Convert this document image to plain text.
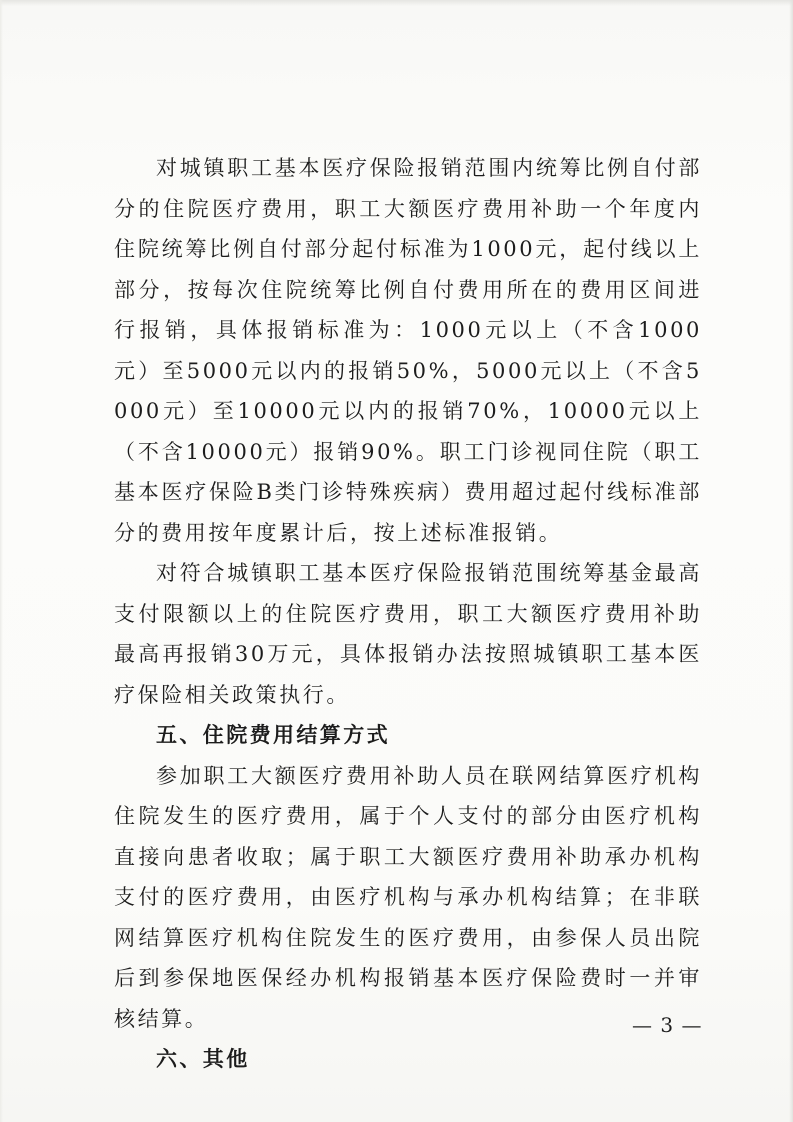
对城镇职工基本医疗保险报销范围内统筹比例自付部分的住院医疗费用，职工大额医疗费用补助一个年度内住院统筹比例自付部分起付标准为1000元，起付线以上部分，按每次住院统筹比例自付费用所在的费用区间进行报销，具体报销标准为：1000元以上（不含1000元）至5000元以内的报销50%，5000元以上（不含5000元）至10000元以内的报销70%，10000元以上（不含10000元）报销90%。职工门诊视同住院（职工基本医疗保险B类门诊特殊疾病）费用超过起付线标准部分的费用按年度累计后，按上述标准报销。

对符合城镇职工基本医疗保险报销范围统筹基金最高支付限额以上的住院医疗费用，职工大额医疗费用补助最高再报销30万元，具体报销办法按照城镇职工基本医疗保险相关政策执行。

五、住院费用结算方式

参加职工大额医疗费用补助人员在联网结算医疗机构住院发生的医疗费用，属于个人支付的部分由医疗机构直接向患者收取；属于职工大额医疗费用补助承办机构支付的医疗费用，由医疗机构与承办机构结算；在非联网结算医疗机构住院发生的医疗费用，由参保人员出院后到参保地医保经办机构报销基本医疗保险费时一并审核结算。

六、其他

— 3 —
